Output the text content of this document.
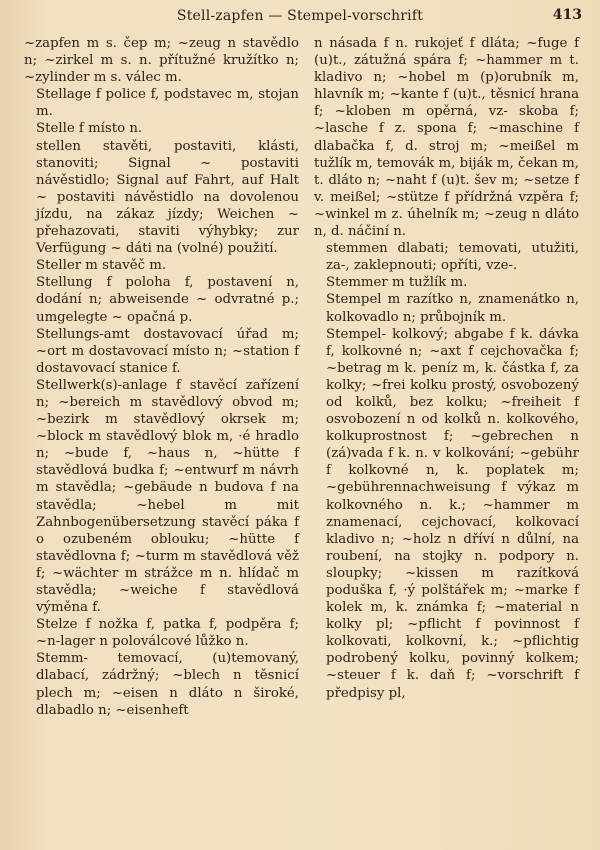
Stell-zapfen — Stempel-vorschrift	413
~zapfen m s. čep m; ~zeug n stavědlo n; ~zirkel m s. n. přítužné kružítko n; ~zylinder m s. válec m.
Stellage f police f, podstavec m, stojan m.
Stelle f místo n.
stellen stavěti, postaviti, klásti, stanoviti; Signal ~ postaviti návěstidlo; Signal auf Fahrt, auf Halt ~ postaviti návěstidlo na dovolenou jízdu, na zákaz jízdy; Weichen ~ přehazovati, staviti výhybky; zur Verfügung ~ dáti na (volné) použití.
Steller m stavěč m.
Stellung f poloha f, postavení n, dodání n; abweisende ~ odvratné p.; umgelegte ~ opačná p.
Stellungs-amt dostavovací úřad m; ~ort m dostavovací místo n; ~station f dostavovací stanice f.
Stellwerk(s)-anlage f stavěcí zařízení n; ~bereich m stavědlový obvod m; ~bezirk m stavědlový okrsek m; ~block m stavědlový blok m, ·é hradlo n; ~bude f, ~haus n, ~hütte f stavědlová budka f; ~entwurf m návrh m stavědla; ~gebäude n budova f na stavědla; ~hebel m mit Zahnbogenübersetzung stavěcí páka f o ozubeném oblouku; ~hütte f stavědlovna f; ~turm m stavědlová věž f; ~wächter m strážce m n. hlídač m stavědla; ~weiche f stavědlová výměna f.
Stelze f nožka f, patka f, podpěra f; ~n-lager n poloválcové lůžko n.
Stemm- temovací, (u)temovaný, dlabací, zádržný; ~blech n těsnicí plech m; ~eisen n dláto n široké, dlabadlo n; ~eisenheft
n násada f n. rukojeť f dláta; ~fuge f (u)t., zátužná spára f; ~hammer m t. kladivo n; ~hobel m (p)orubník m, hlavník m; ~kante f (u)t., těsnicí hrana f; ~kloben m opěrná, vz- skoba f; ~lasche f z. spona f; ~maschine f dlabačka f, d. stroj m; ~meißel m tužlík m, temovák m, biják m, čekan m, t. dláto n; ~naht f (u)t. šev m; ~setze f v. meißel; ~stütze f přídržná vzpěra f; ~winkel m z. úhelník m; ~zeug n dláto n, d. náčiní n.
stemmen dlabati; temovati, utužiti, za-, zaklepnouti; opříti, vze-.
Stemmer m tužlík m.
Stempel m razítko n, znamenátko n, kolkovadlo n; průbojník m.
Stempel- kolkový; abgabe f k. dávka f, kolkovné n; ~axt f cejchovačka f; ~betrag m k. peníz m, k. částka f, za kolky; ~frei kolku prostý, osvobozený od kolků, bez kolku; ~freiheit f osvobození n od kolků n. kolkového, kolkuprostnost f; ~gebrechen n (zá)vada f k. n. v kolkování; ~gebühr f kolkovné n, k. poplatek m; ~gebührennachweisung f výkaz m kolkovného n. k.; ~hammer m znamenací, cejchovací, kolkovací kladivo n; ~holz n dříví n důlní, na roubení, na stojky n. podpory n. sloupky; ~kissen m razítková poduška f, ·ý polštářek m; ~marke f kolek m, k. známka f; ~material n kolky pl; ~pflicht f povinnost f kolkovati, kolkovní, k.; ~pflichtig podrobený kolku, povinný kolkem; ~steuer f k. daň f; ~vorschrift f předpisy pl,
